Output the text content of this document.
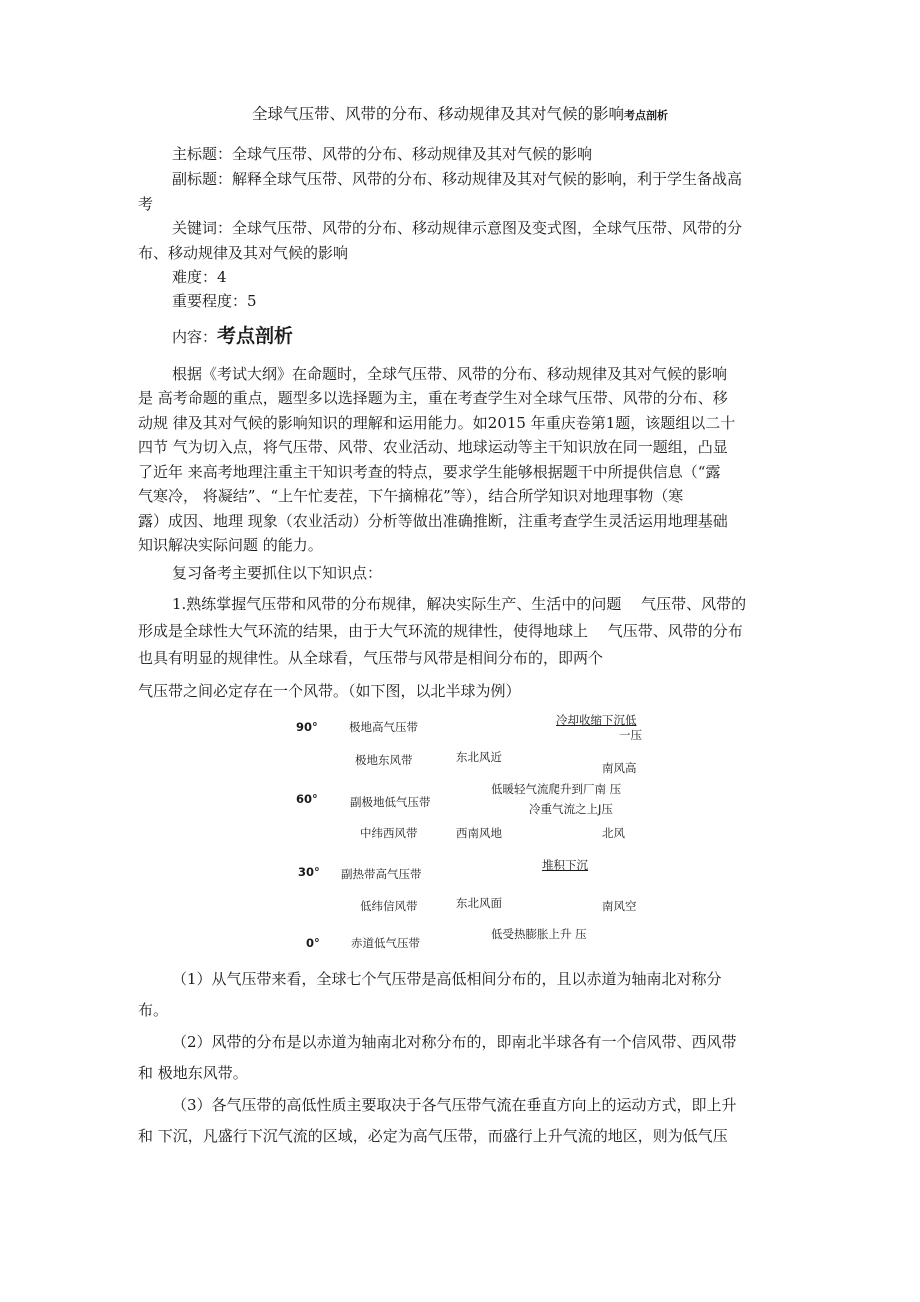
全球气压带、风带的分布、移动规律及其对气候的影响考点剖析
主标题：全球气压带、风带的分布、移动规律及其对气候的影响
副标题：解释全球气压带、风带的分布、移动规律及其对气候的影响，利于学生备战高
考
关键词：全球气压带、风带的分布、移动规律示意图及变式图，全球气压带、风带的分
布、移动规律及其对气候的影响
难度：4
重要程度：5
内容：考点剖析
根据《考试大纲》在命题时，全球气压带、风带的分布、移动规律及其对气候的影响
是 高考命题的重点，题型多以选择题为主，重在考查学生对全球气压带、风带的分布、移
动规 律及其对气候的影响知识的理解和运用能力。如2015 年重庆卷第1题，该题组以二十
四节 气为切入点，将气压带、风带、农业活动、地球运动等主干知识放在同一题组，凸显
了近年 来高考地理注重主干知识考查的特点，要求学生能够根据题干中所提供信息（“露
气寒冷， 将凝结”、“上午忙麦茬，下午摘棉花”等），结合所学知识对地理事物（寒
露）成因、地理 现象（农业活动）分析等做出准确推断，注重考查学生灵活运用地理基础
知识解决实际问题 的能力。
复习备考主要抓住以下知识点：
1.熟练掌握气压带和风带的分布规律，解决实际生产、生活中的问题　 气压带、风带的
形成是全球性大气环流的结果，由于大气环流的规律性，使得地球上　 气压带、风带的分布
也具有明显的规律性。从全球看，气压带与风带是相间分布的，即两个
气压带之间必定存在一个风带。（如下图，以北半球为例）
90°
60°
30°
0°
极地高气压带
极地东风带
副极地低气压带
中纬西风带
副热带高气压带
低纬信风带
赤道低气压带
东北风近
西南风地
东北风面
冷却收缩下沉低
一压
南风高
低暖轻气流爬升到厂南 压
冷重气流之上J压
北风
堆积下沉
南风空
低受热膨胀上升 压
（1）从气压带来看，全球七个气压带是高低相间分布的，且以赤道为轴南北对称分
布。
（2）风带的分布是以赤道为轴南北对称分布的，即南北半球各有一个信风带、西风带
和 极地东风带。
（3）各气压带的高低性质主要取决于各气压带气流在垂直方向上的运动方式，即上升
和 下沉，凡盛行下沉气流的区域，必定为高气压带，而盛行上升气流的地区，则为低气压
